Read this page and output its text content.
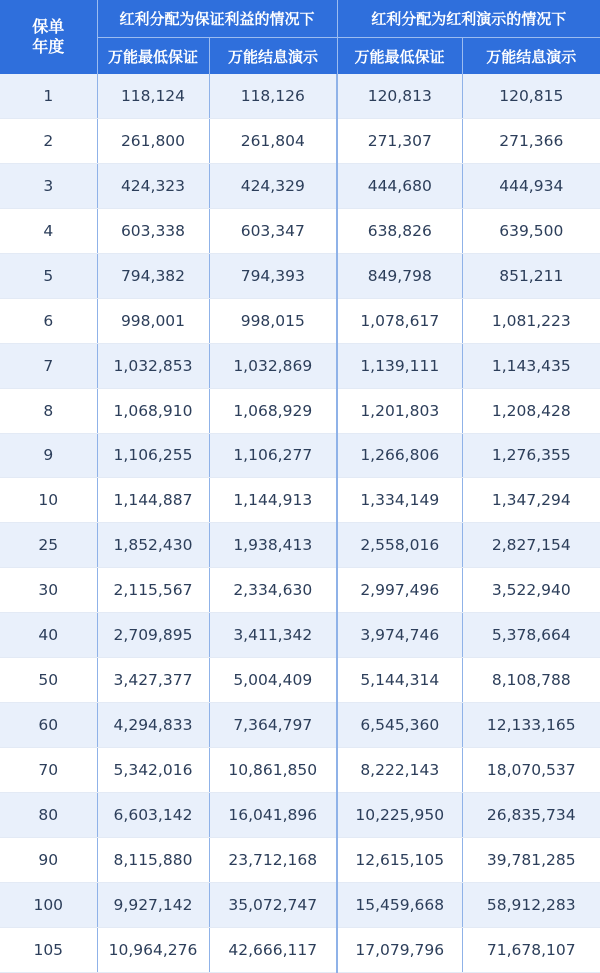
保单
年度	红利分配为保证利益的情况下		红利分配为红利演示的情况下	
	万能最低保证	万能结息演示	万能最低保证	万能结息演示
1	118,124	118,126	120,813	120,815
2	261,800	261,804	271,307	271,366
3	424,323	424,329	444,680	444,934
4	603,338	603,347	638,826	639,500
5	794,382	794,393	849,798	851,211
6	998,001	998,015	1,078,617	1,081,223
7	1,032,853	1,032,869	1,139,111	1,143,435
8	1,068,910	1,068,929	1,201,803	1,208,428
9	1,106,255	1,106,277	1,266,806	1,276,355
10	1,144,887	1,144,913	1,334,149	1,347,294
25	1,852,430	1,938,413	2,558,016	2,827,154
30	2,115,567	2,334,630	2,997,496	3,522,940
40	2,709,895	3,411,342	3,974,746	5,378,664
50	3,427,377	5,004,409	5,144,314	8,108,788
60	4,294,833	7,364,797	6,545,360	12,133,165
70	5,342,016	10,861,850	8,222,143	18,070,537
80	6,603,142	16,041,896	10,225,950	26,835,734
90	8,115,880	23,712,168	12,615,105	39,781,285
100	9,927,142	35,072,747	15,459,668	58,912,283
105	10,964,276	42,666,117	17,079,796	71,678,107
